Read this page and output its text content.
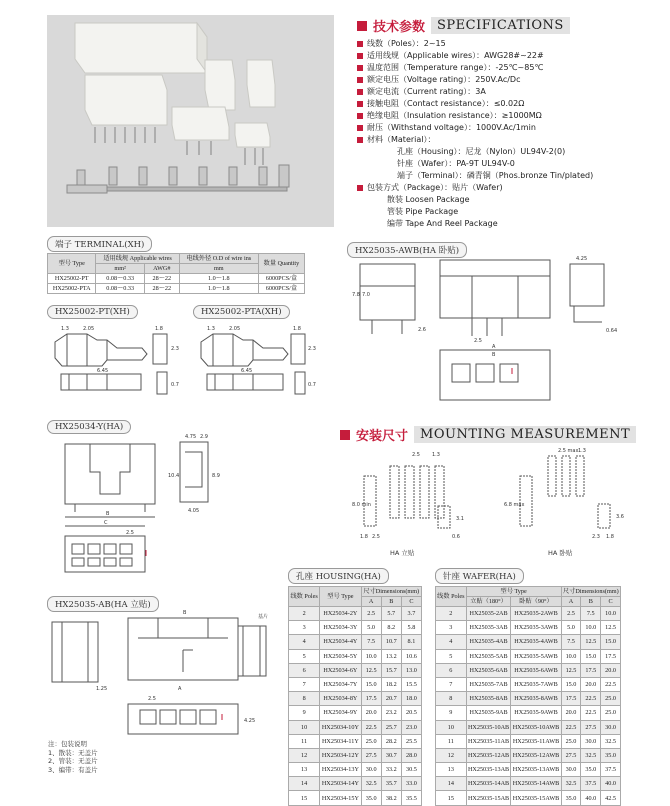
技术参数 SPECIFICATIONS
线数（Poles）：2~15
适用线规（Applicable wires）：AWG28#~22#
温度范围（Temperature range）：-25℃~85℃
额定电压（Voltage rating）：250V.Ac/Dc
额定电流（Current rating）：3A
接触电阻（Contact resistance）：≤0.02Ω
绝缘电阻（Insulation resistance）：≥1000MΩ
耐压（Withstand voltage）：1000V.Ac/1min
材料（Material）：
孔座（Housing）：尼龙（Nylon）UL94V-2(0)
针座（Wafer）：PA-9T UL94V-0
端子（Terminal）：磷青铜（Phos.bronze Tin/plated)
包装方式（Package）：贴片（Wafer)
散装 Loosen Package
管装 Pipe Package
编带 Tape And Reel Package
端子 TERMINAL(XH)
型号 Type	适用线规 Applicable wires		电线外径 O.D of wire ins	数量 Quantity
	mm²	AWG#	mm	
HX25002-PT	0.08～0.33	28～22	1.0～1.8	6000PCS/盒
HX25002-PTA	0.08～0.33	28～22	1.0～1.8	6000PCS/盒
HX25002-PT(XH)	HX25002-PTA(XH)
1.3	2.05	1.8
2.3
6.45
0.7
1.3	2.05	1.8
2.3
6.45
0.7
HX25034-Y(HA)
4.75 2.9
10.4	8.9
4.05
B
C
2.5
HX25035-AB(HA 立贴)
B
A
2.5
4.25
1.25
基片
注：包装说明
1、散装：无盖片
2、管装：无盖片
3、编带：有盖片
HX25035-AWB(HA 卧贴)
4.25
7.8 7.0
2.6
2.5
0.64
A
B
安装尺寸 MOUNTING MEASUREMENT
2.5 1.3
3.1
1.8 2.5	0.6	2.3 1.8
3.6
8.0 min	6.8 max
2.5 max 1.3
HA 立贴	HA 卧贴
孔座 HOUSING(HA)
线数 Poles	型号 Type	尺寸Dimensions(mm)		
		A	B	C
2	HX25034-2Y	2.5	5.7	3.7
3	HX25034-3Y	5.0	8.2	5.8
4	HX25034-4Y	7.5	10.7	8.1
5	HX25034-5Y	10.0	13.2	10.6
6	HX25034-6Y	12.5	15.7	13.0
7	HX25034-7Y	15.0	18.2	15.5
8	HX25034-8Y	17.5	20.7	18.0
9	HX25034-9Y	20.0	23.2	20.5
10	HX25034-10Y	22.5	25.7	23.0
11	HX25034-11Y	25.0	28.2	25.5
12	HX25034-12Y	27.5	30.7	28.0
13	HX25034-13Y	30.0	33.2	30.5
14	HX25034-14Y	32.5	35.7	33.0
15	HX25034-15Y	35.0	38.2	35.5
针座 WAFER(HA)
线数 Poles	型号 Type		尺寸Dimensions(mm)		
	立贴（180°）	卧贴（90°）	A	B	C
2	HX25035-2AB	HX25035-2AWB	2.5	7.5	10.0
3	HX25035-3AB	HX25035-3AWB	5.0	10.0	12.5
4	HX25035-4AB	HX25035-4AWB	7.5	12.5	15.0
5	HX25035-5AB	HX25035-5AWB	10.0	15.0	17.5
6	HX25035-6AB	HX25035-6AWB	12.5	17.5	20.0
7	HX25035-7AB	HX25035-7AWB	15.0	20.0	22.5
8	HX25035-8AB	HX25035-8AWB	17.5	22.5	25.0
9	HX25035-9AB	HX25035-9AWB	20.0	22.5	25.0
10	HX25035-10AB	HX25035-10AWB	22.5	27.5	30.0
11	HX25035-11AB	HX25035-11AWB	25.0	30.0	32.5
12	HX25035-12AB	HX25035-12AWB	27.5	32.5	35.0
13	HX25035-13AB	HX25035-13AWB	30.0	35.0	37.5
14	HX25035-14AB	HX25035-14AWB	32.5	37.5	40.0
15	HX25035-15AB	HX25035-15AWB	35.0	40.0	42.5
